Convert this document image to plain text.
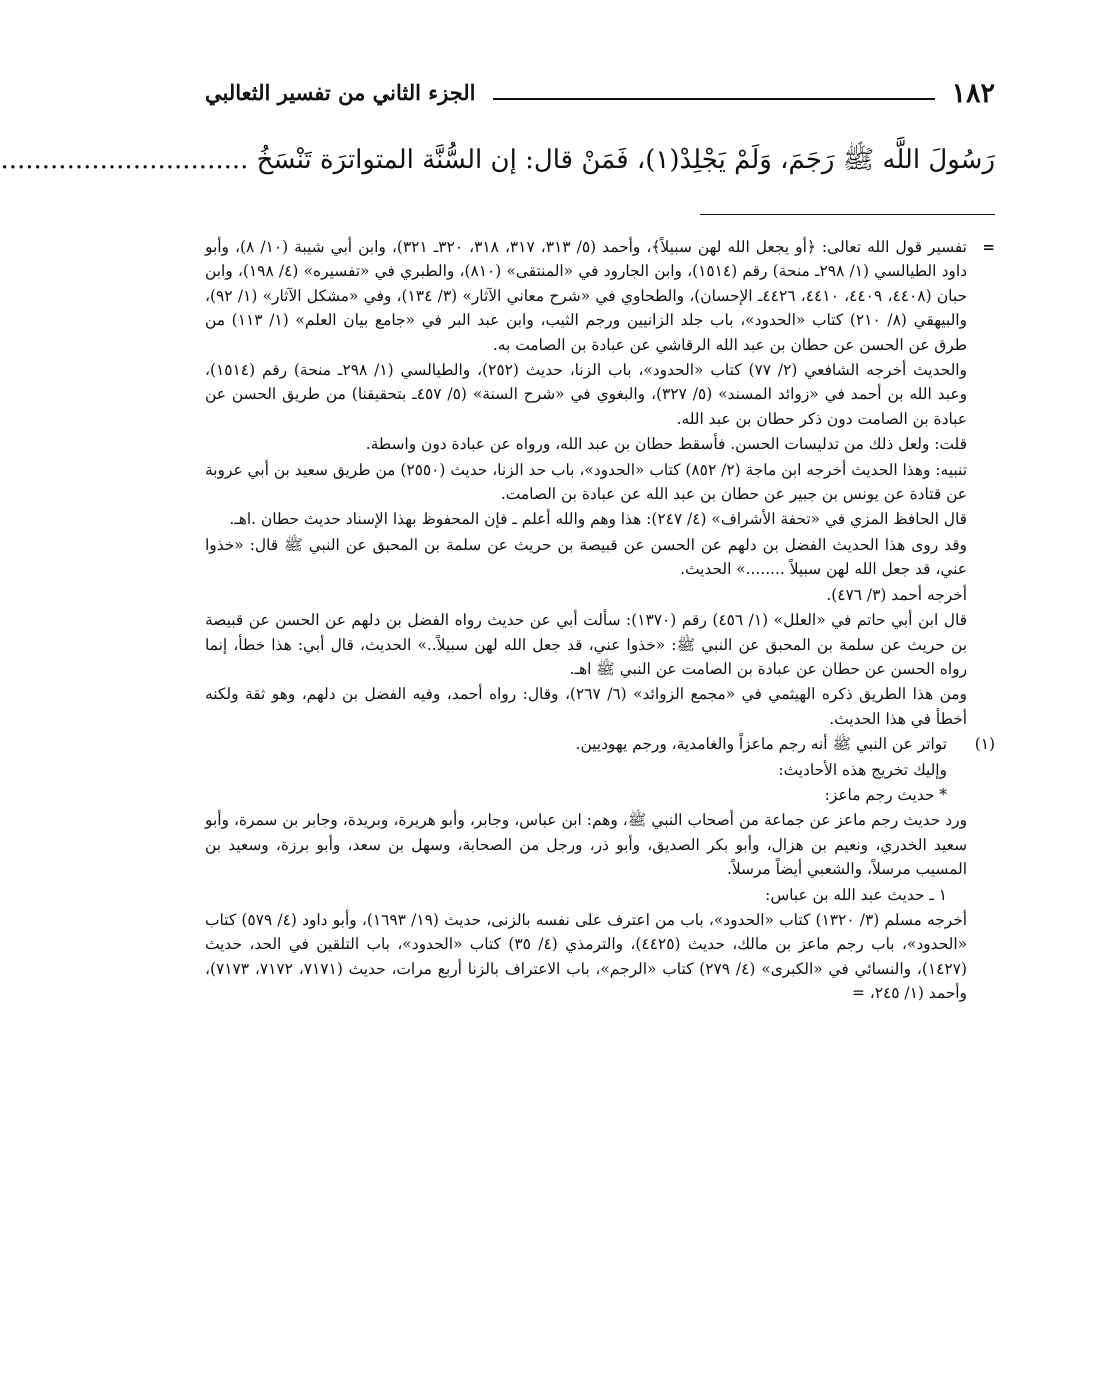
١٨٢
الجزء الثاني من تفسير الثعالبي
رَسُولَ اللَّه ﷺ رَجَمَ، وَلَمْ يَجْلِدْ(١)، فَمَنْ قال: إن السُّنَّة المتواترَة تَنْسَخُ ..............................
=

تفسير قول الله تعالى: ﴿أو يجعل الله لهن سبيلاً﴾، وأحمد (٥/ ٣١٣، ٣١٧، ٣١٨، ٣٢٠ـ ٣٢١)، وابن أبي شيبة (١٠/ ٨)، وأبو داود الطيالسي (١/ ٢٩٨ـ منحة) رقم (١٥١٤)، وابن الجارود في «المنتقى» (٨١٠)، والطبري في «تفسيره» (٤/ ١٩٨)، وابن حبان (٤٤٠٨، ٤٤٠٩، ٤٤١٠، ٤٤٢٦ـ الإحسان)، والطحاوي في «شرح معاني الآثار» (٣/ ١٣٤)، وفي «مشكل الآثار» (١/ ٩٢)، والبيهقي (٨/ ٢١٠) كتاب «الحدود»، باب جلد الزانيين ورجم الثيب، وابن عبد البر في «جامع بيان العلم» (١/ ١١٣) من طرق عن الحسن عن حطان بن عبد الله الرقاشي عن عبادة بن الصامت به.

والحديث أخرجه الشافعي (٢/ ٧٧) كتاب «الحدود»، باب الزنا، حديث (٢٥٢)، والطيالسي (١/ ٢٩٨ـ منحة) رقم (١٥١٤)، وعبد الله بن أحمد في «زوائد المسند» (٥/ ٣٢٧)، والبغوي في «شرح السنة» (٥/ ٤٥٧ـ بتحقيقنا) من طريق الحسن عن عبادة بن الصامت دون ذكر حطان بن عبد الله.

قلت: ولعل ذلك من تدليسات الحسن. فأسقط حطان بن عبد الله، ورواه عن عبادة دون واسطة.

تنبيه: وهذا الحديث أخرجه ابن ماجة (٢/ ٨٥٢) كتاب «الحدود»، باب حد الزنا، حديث (٢٥٥٠) من طريق سعيد بن أبي عروبة عن قتادة عن يونس بن جبير عن حطان بن عبد الله عن عبادة بن الصامت.

قال الحافظ المزي في «تحفة الأشراف» (٤/ ٢٤٧): هذا وهم والله أعلم ـ فإن المحفوظ بهذا الإسناد حديث حطان .اهـ.

وقد روى هذا الحديث الفضل بن دلهم عن الحسن عن قبيصة بن حريث عن سلمة بن المحبق عن النبي ﷺ قال: «خذوا عني، قد جعل الله لهن سبيلاً ........» الحديث.

أخرجه أحمد (٣/ ٤٧٦).

قال ابن أبي حاتم في «العلل» (١/ ٤٥٦) رقم (١٣٧٠): سألت أبي عن حديث رواه الفضل بن دلهم عن الحسن عن قبيصة بن حريث عن سلمة بن المحبق عن النبي ﷺ: «خذوا عني، قد جعل الله لهن سبيلاً..» الحديث، قال أبي: هذا خطأ، إنما رواه الحسن عن حطان عن عبادة بن الصامت عن النبي ﷺ اهـ.

ومن هذا الطريق ذكره الهيثمي في «مجمع الزوائد» (٦/ ٢٦٧)، وقال: رواه أحمد، وفيه الفضل بن دلهم، وهو ثقة ولكنه أخطأ في هذا الحديث.

(١)

تواتر عن النبي ﷺ أنه رجم ماعزاً والغامدية، ورجم يهوديين.

وإليك تخريج هذه الأحاديث:

* حديث رجم ماعز:

ورد حديث رجم ماعز عن جماعة من أصحاب النبي ﷺ، وهم: ابن عباس، وجابر، وأبو هريرة، وبريدة، وجابر بن سمرة، وأبو سعيد الخدري، ونعيم بن هزال، وأبو بكر الصديق، وأبو ذر، ورجل من الصحابة، وسهل بن سعد، وأبو برزة، وسعيد بن المسيب مرسلاً، والشعبي أيضاً مرسلاً.

١ ـ حديث عبد الله بن عباس:

أخرجه مسلم (٣/ ١٣٢٠) كتاب «الحدود»، باب من اعترف على نفسه بالزنى، حديث (١٩/ ١٦٩٣)، وأبو داود (٤/ ٥٧٩) كتاب «الحدود»، باب رجم ماعز بن مالك، حديث (٤٤٢٥)، والترمذي (٤/ ٣٥) كتاب «الحدود»، باب التلقين في الحد، حديث (١٤٢٧)، والنسائي في «الكبرى» (٤/ ٢٧٩) كتاب «الرجم»، باب الاعتراف بالزنا أربع مرات، حديث (٧١٧١، ٧١٧٢، ٧١٧٣)، وأحمد (١/ ٢٤٥، =
